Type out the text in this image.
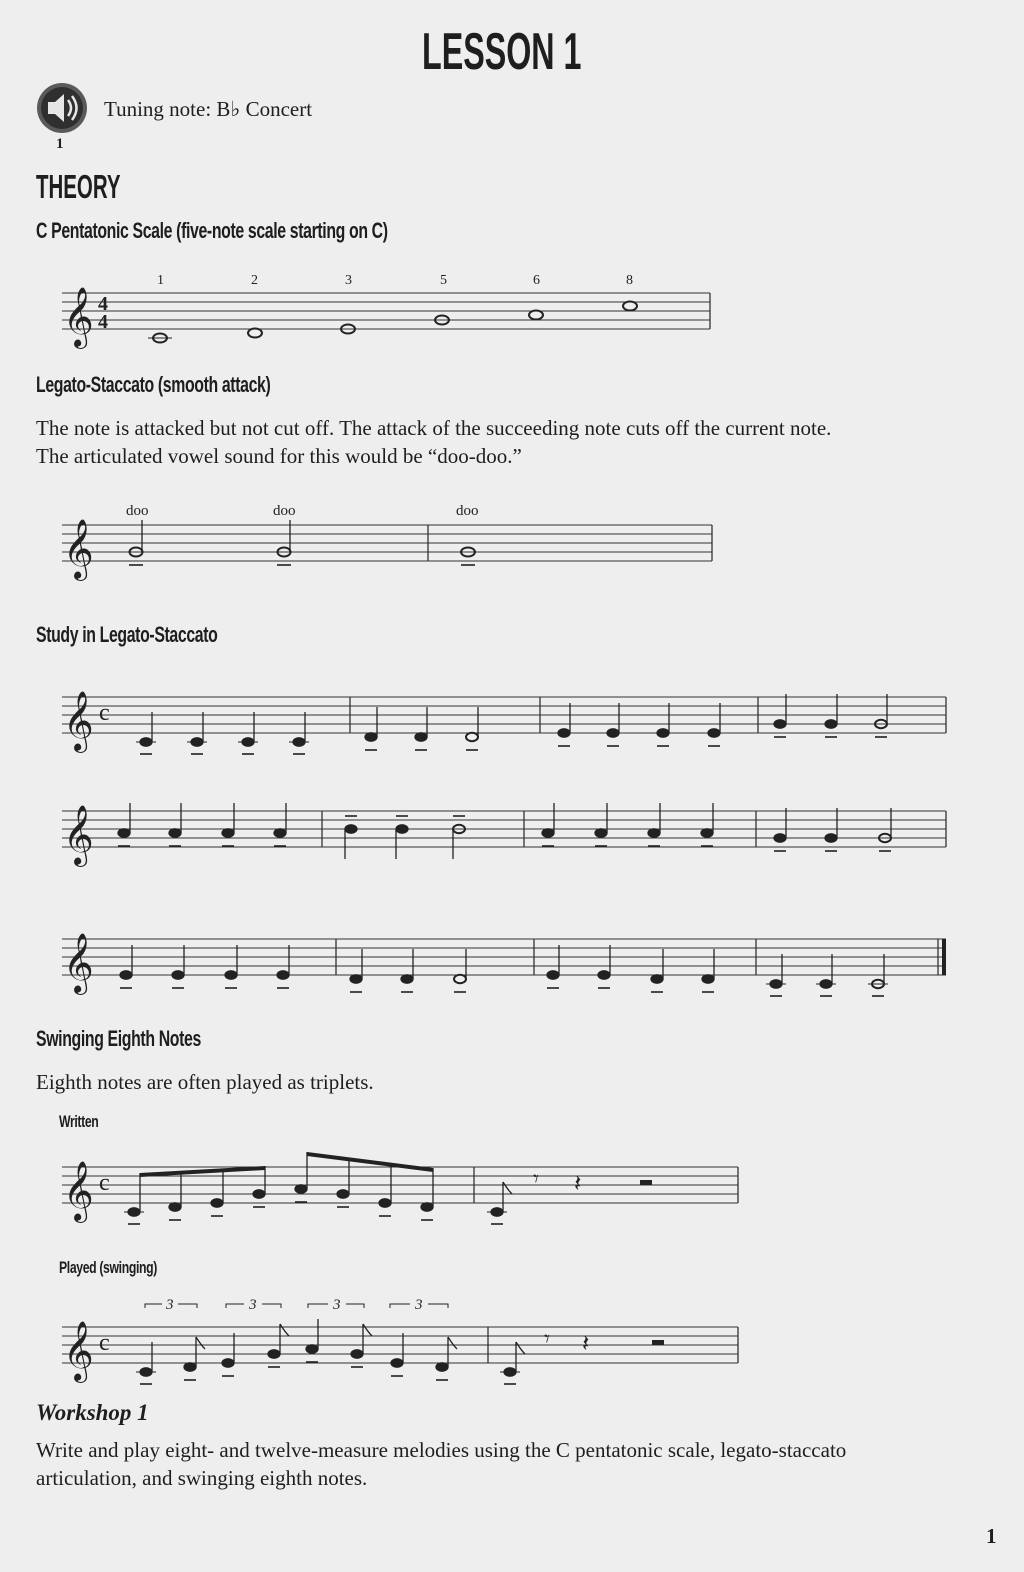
LESSON 1
1
Tuning note: B♭ Concert
THEORY
C Pentatonic Scale (five-note scale starting on C)
𝄞 4
4
1	2	3	5	6	8
Legato-Staccato (smooth attack)
The note is attacked but not cut off. The attack of the succeeding note cuts off the current note.
The articulated vowel sound for this would be “doo-doo.”
𝄞
doo	doo	doo
Study in Legato-Staccato
𝄞 c
𝄞
𝄞
Swinging Eighth Notes
Eighth notes are often played as triplets.
Written
𝄞 c	𝄾 𝄽
Played (swinging)
𝄞 c
3	3	3	3
𝄾 𝄽
Workshop 1
Write and play eight- and twelve-measure melodies using the C pentatonic scale, legato-staccato
articulation, and swinging eighth notes.
1
